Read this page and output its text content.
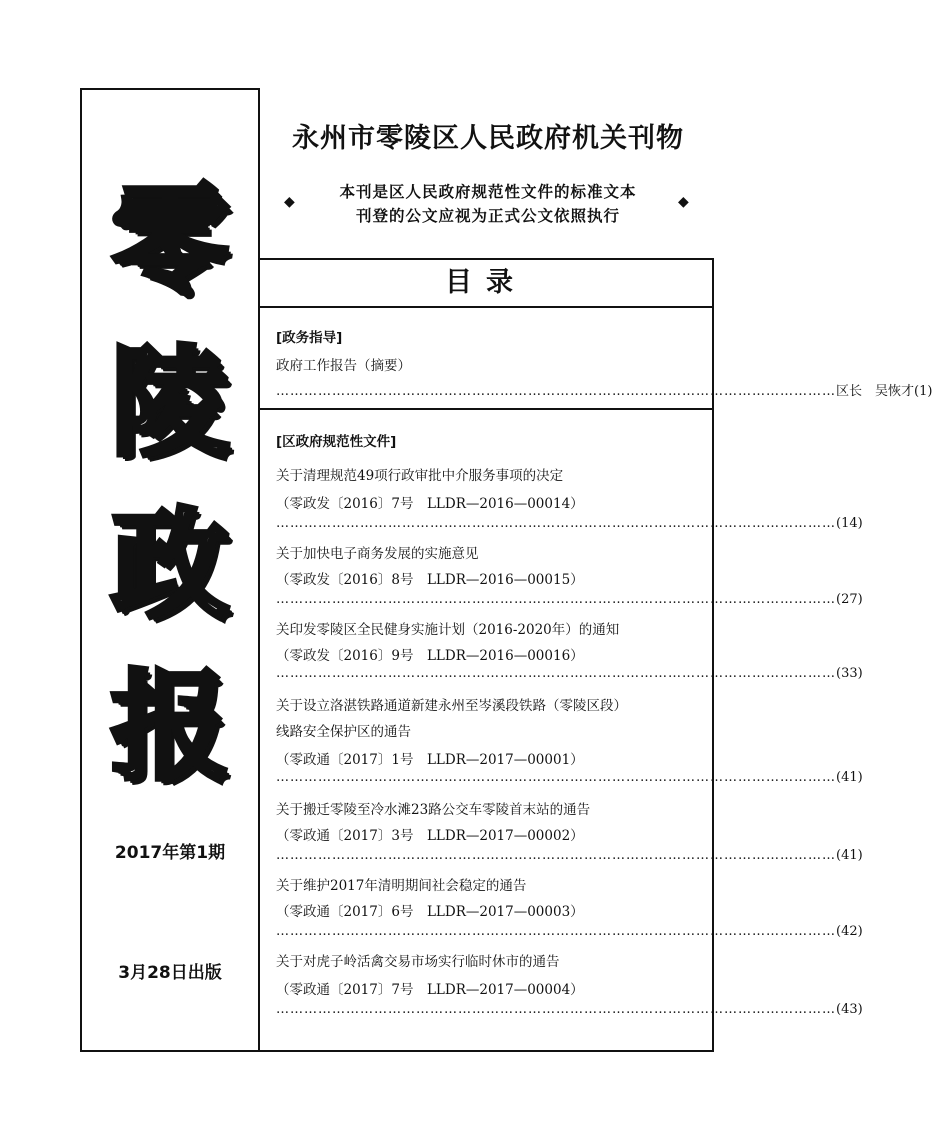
零
陵
政
报
2017年第1期
3月28日出版
永州市零陵区人民政府机关刊物
本刊是区人民政府规范性文件的标准文本
刊登的公文应视为正式公文依照执行
◆	◆
目录
[政务指导]
政府工作报告（摘要）
………………………………………………………………………………………………………… 区长　吴恢才 (1)
[区政府规范性文件]
关于清理规范49项行政审批中介服务事项的决定
（零政发〔2016〕7号　LLDR—2016—00014）
………………………………………………………………………………………………………… (14)
关于加快电子商务发展的实施意见
（零政发〔2016〕8号　LLDR—2016—00015）
………………………………………………………………………………………………………… (27)
关印发零陵区全民健身实施计划（2016-2020年）的通知
（零政发〔2016〕9号　LLDR—2016—00016）
………………………………………………………………………………………………………… (33)
关于设立洛湛铁路通道新建永州至岑溪段铁路（零陵区段）
线路安全保护区的通告
（零政通〔2017〕1号　LLDR—2017—00001）
………………………………………………………………………………………………………… (41)
关于搬迁零陵至冷水滩23路公交车零陵首末站的通告
（零政通〔2017〕3号　LLDR—2017—00002）
………………………………………………………………………………………………………… (41)
关于维护2017年清明期间社会稳定的通告
（零政通〔2017〕6号　LLDR—2017—00003）
………………………………………………………………………………………………………… (42)
关于对虎子岭活禽交易市场实行临时休市的通告
（零政通〔2017〕7号　LLDR—2017—00004）
………………………………………………………………………………………………………… (43)
